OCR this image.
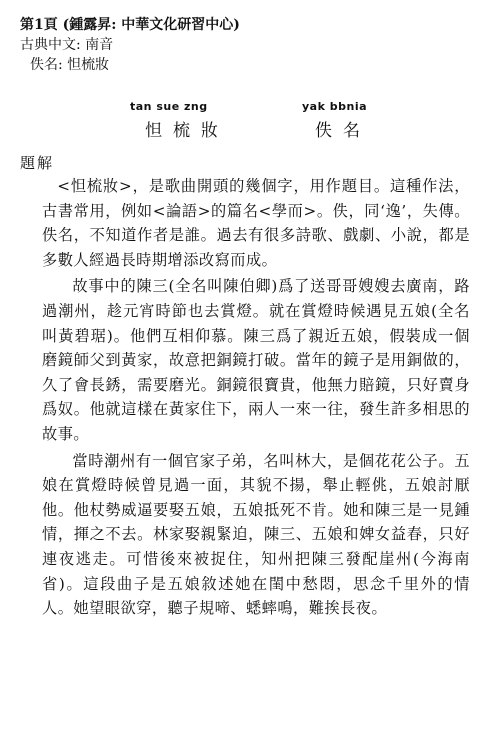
第1頁 (鍾露昇: 中華文化研習中心)
古典中文: 南音
佚名: 怛梳妝
tan sue zng
怛梳妝
yak bbnia
佚名
題解

<怛梳妝>，是歌曲開頭的幾個字，用作題目。這種作法，古書常用，例如<論語>的篇名<學而>。佚，同‘逸’，失傳。佚名，不知道作者是誰。過去有很多詩歌、戲劇、小說，都是多數人經過長時期增添改寫而成。

故事中的陳三(全名叫陳伯卿)爲了送哥哥嫂嫂去廣南，路過潮州，趁元宵時節也去賞燈。就在賞燈時候遇見五娘(全名叫黃碧琚)。他們互相仰慕。陳三爲了親近五娘，假裝成一個磨鏡師父到黃家，故意把銅鏡打破。當年的鏡子是用銅做的，久了會長銹，需要磨光。銅鏡很寶貴，他無力賠鏡，只好賣身爲奴。他就這樣在黃家住下，兩人一來一往，發生許多相思的故事。

當時潮州有一個官家子弟，名叫林大，是個花花公子。五娘在賞燈時候曾見過一面，其貌不揚，舉止輕佻，五娘討厭他。他杖勢威逼要娶五娘，五娘抵死不肯。她和陳三是一見鍾情，揮之不去。林家娶親緊迫，陳三、五娘和婢女益春，只好連夜逃走。可惜後來被捉住，知州把陳三發配崖州(今海南省)。這段曲子是五娘敘述她在閨中愁悶，思念千里外的情人。她望眼欲穿，聽子規啼、蟋蟀鳴，難挨長夜。
